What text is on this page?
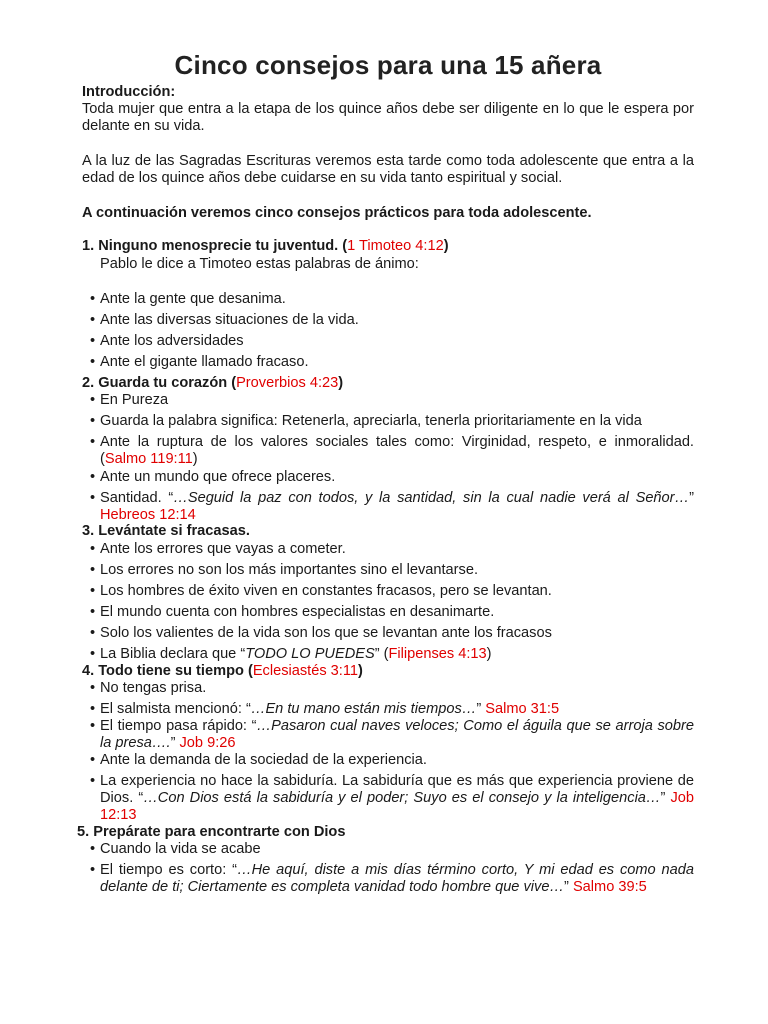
Cinco consejos para una 15 añera
Introducción:
Toda mujer que entra a la etapa de los quince años debe ser diligente en lo que le espera por delante en su vida.
A la luz de las Sagradas Escrituras veremos esta tarde como toda adolescente que entra a la edad de los quince años debe cuidarse en su vida tanto espiritual y social.
A continuación veremos cinco consejos prácticos para toda adolescente.
1. Ninguno menosprecie tu juventud. (1 Timoteo 4:12)
Pablo le dice a Timoteo estas palabras de ánimo:
• Ante la gente que desanima.
• Ante las diversas situaciones de la vida.
• Ante los adversidades
• Ante el gigante llamado fracaso.
2. Guarda tu corazón (Proverbios 4:23)
• En Pureza
• Guarda la palabra significa: Retenerla, apreciarla, tenerla prioritariamente en la vida
• Ante la ruptura de los valores sociales tales como: Virginidad, respeto, e inmoralidad. (Salmo 119:11)
• Ante un mundo que ofrece placeres.
• Santidad. “…Seguid la paz con todos, y la santidad, sin la cual nadie verá al Señor…” Hebreos 12:14
3. Levántate si fracasas.
• Ante los errores que vayas a cometer.
• Los errores no son los más importantes sino el levantarse.
• Los hombres de éxito viven en constantes fracasos, pero se levantan.
• El mundo cuenta con hombres especialistas en desanimarte.
• Solo los valientes de la vida son los que se levantan ante los fracasos
• La Biblia declara que “TODO LO PUEDES” (Filipenses 4:13)
4. Todo tiene su tiempo (Eclesiastés 3:11)
• No tengas prisa.
• El salmista mencionó: “…En tu mano están mis tiempos…” Salmo 31:5
• El tiempo pasa rápido: “…Pasaron cual naves veloces; Como el águila que se arroja sobre la presa….” Job 9:26
• Ante la demanda de la sociedad de la experiencia.
• La experiencia no hace la sabiduría. La sabiduría que es más que experiencia proviene de Dios. “…Con Dios está la sabiduría y el poder; Suyo es el consejo y la inteligencia…” Job 12:13
5. Prepárate para encontrarte con Dios
• Cuando la vida se acabe
• El tiempo es corto: “…He aquí, diste a mis días término corto, Y mi edad es como nada delante de ti; Ciertamente es completa vanidad todo hombre que vive…” Salmo 39:5
